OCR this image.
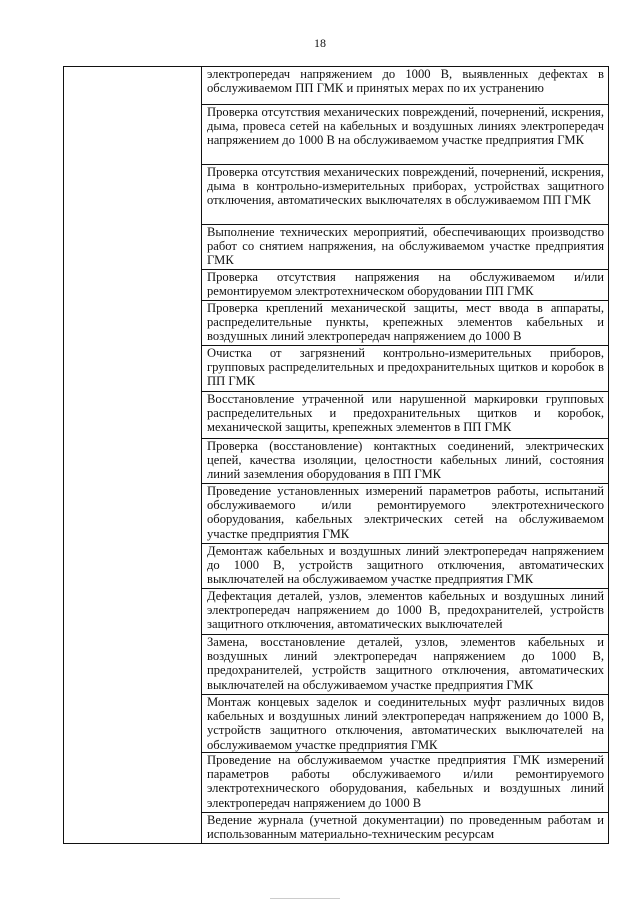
18
электропередач напряжением до 1000 В, выявленных дефектах в обслуживаемом ПП ГМК и принятых мерах по их устранению
Проверка отсутствия механических повреждений, почернений, искрения, дыма, провеса сетей на кабельных и воздушных линиях электропередач напряжением до 1000 В на обслуживаемом участке предприятия ГМК
Проверка отсутствия механических повреждений, почернений, искрения, дыма в контрольно-измерительных приборах, устройствах защитного отключения, автоматических выключателях в обслуживаемом ПП ГМК
Выполнение технических мероприятий, обеспечивающих производство работ со снятием напряжения, на обслуживаемом участке предприятия ГМК
Проверка отсутствия напряжения на обслуживаемом и/или ремонтируемом электротехническом оборудовании ПП ГМК
Проверка креплений механической защиты, мест ввода в аппараты, распределительные пункты, крепежных элементов кабельных и воздушных линий электропередач напряжением до 1000 В
Очистка от загрязнений контрольно-измерительных приборов, групповых распределительных и предохранительных щитков и коробок в ПП ГМК
Восстановление утраченной или нарушенной маркировки групповых распределительных и предохранительных щитков и коробок, механической защиты, крепежных элементов в ПП ГМК
Проверка (восстановление) контактных соединений, электрических цепей, качества изоляции, целостности кабельных линий, состояния линий заземления оборудования в ПП ГМК
Проведение установленных измерений параметров работы, испытаний обслуживаемого и/или ремонтируемого электротехнического оборудования, кабельных электрических сетей на обслуживаемом участке предприятия ГМК
Демонтаж кабельных и воздушных линий электропередач напряжением до 1000 В, устройств защитного отключения, автоматических выключателей на обслуживаемом участке предприятия ГМК
Дефектация деталей, узлов, элементов кабельных и воздушных линий электропередач напряжением до 1000 В, предохранителей, устройств защитного отключения, автоматических выключателей
Замена, восстановление деталей, узлов, элементов кабельных и воздушных линий электропередач напряжением до 1000 В, предохранителей, устройств защитного отключения, автоматических выключателей на обслуживаемом участке предприятия ГМК
Монтаж концевых заделок и соединительных муфт различных видов кабельных и воздушных линий электропередач напряжением до 1000 В, устройств защитного отключения, автоматических выключателей на обслуживаемом участке предприятия ГМК
Проведение на обслуживаемом участке предприятия ГМК измерений параметров работы обслуживаемого и/или ремонтируемого электротехнического оборудования, кабельных и воздушных линий электропередач напряжением до 1000 В
Ведение журнала (учетной документации) по проведенным работам и использованным материально-техническим ресурсам
